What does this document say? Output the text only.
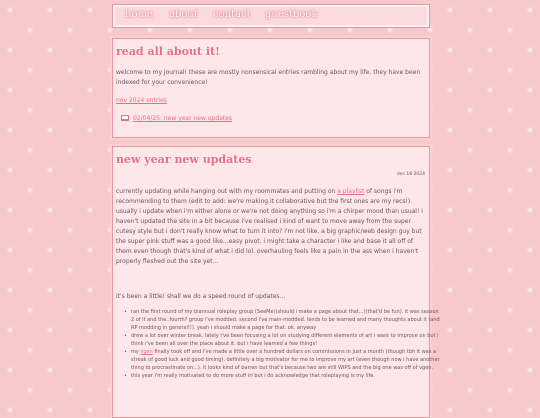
home about contact guestbook
read all about it!

welcome to my journal! these are mostly nonsensical entries rambling about my life. they have been indexed for your convenience!

nov 2024 entries
02/04/25: new year new updates
new year new updates
dec 18 2024

currently updating while hanging out with my roommates and putting on a playlist of songs i'm recommending to them (edit to add: we're making it collaborative but the first ones are my recs!). usually i update when i'm either alone or we're not doing anything so i'm a chirper mood than usual! i haven't updated the site in a bit because i've realised i kind of want to move away from the super cutesy style but i don't really know what to turn it into? i'm not like, a big graphic/web design guy but the super pink stuff was a good like...easy pivot. i might take a character i like and base it all off of them even though that's kind of what i did lol. overhauling feels like a pain in the ass when i haven't properly fleshed out the site yet...

it's been a little! shall we do a speed round of updates...

• ran the first round of my biannual roleplay group (SeeMe)(should i make a page about that...)(that'd be fun). it was season 2 of it and the..fourth? group i've modded. second i've main-modded. lends to be learned and many thoughts about it (and RP modding in general!!). yeah i should make a page for that. ok. anyway
• drew a lot over winter break. lately i've been focusing a lot on studying different elements of art i want to improve on but i think i've been all over the place about it. but i have learned a few things!
• my vgen finally took off and i've made a little over a hundred dollars on commissions in just a month (though tbh it was a streak of good luck and good timing). definitely a big motivator for me to improve my art (even though now i have another thing to procrastinate on...). it looks kind of barren but that's because two are still WIPS and the big one was off of vgen.
• this year i'm really motivated to do more stuff irl but i do acknowledge that roleplaying is my life.
